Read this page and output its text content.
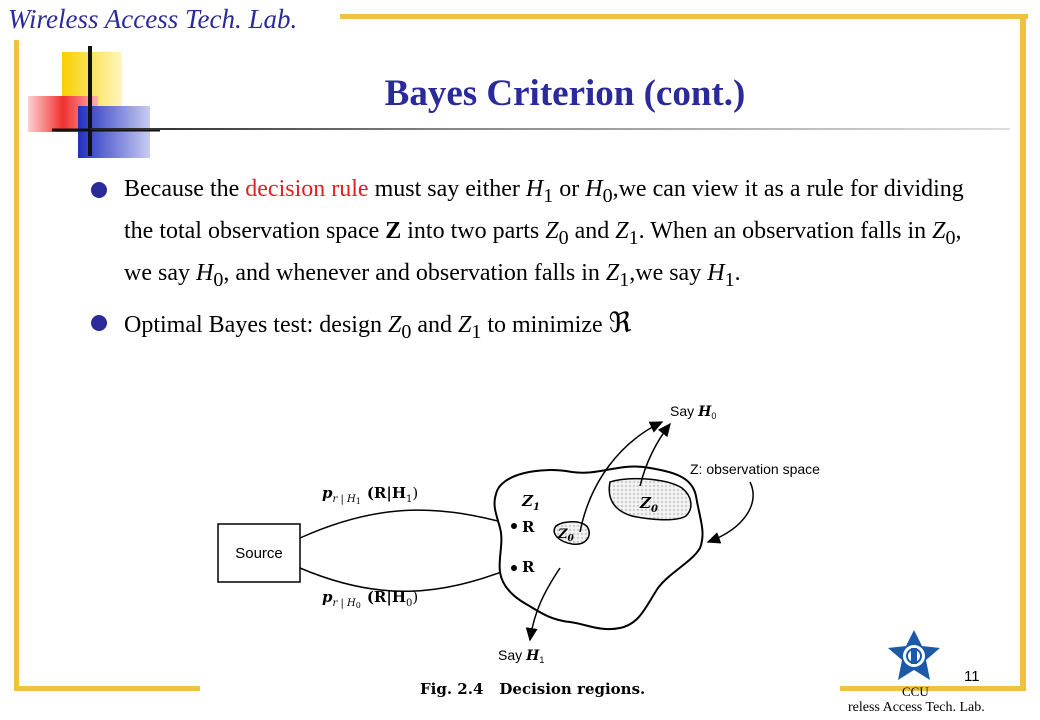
Wireless Access Tech. Lab.
Bayes Criterion (cont.)
Because the decision rule must say either $H_1$ or $H_0,we$ can view it as a rule for dividing the total observation space Z into two parts $Z_0$ and $Z_1$. When an observation falls in $Z_0$, we say $H_0$, and whenever and observation falls in $Z_1,we$ say $H_1$.
Optimal Bayes test: design $Z_0$ and $Z_1$ to minimize ℜ
Source
$p_{r | H}1$ $(R|H_1)$
$p_{r | H}0$ $(R|H_0)$
$Z_0$
$Z_0$
$Z_1$
R
R
Say $H_0$
Say $H_1$
Z: observation space
Fig. 2.4 Decision regions.
11
CCU
reless Access Tech. Lab.
